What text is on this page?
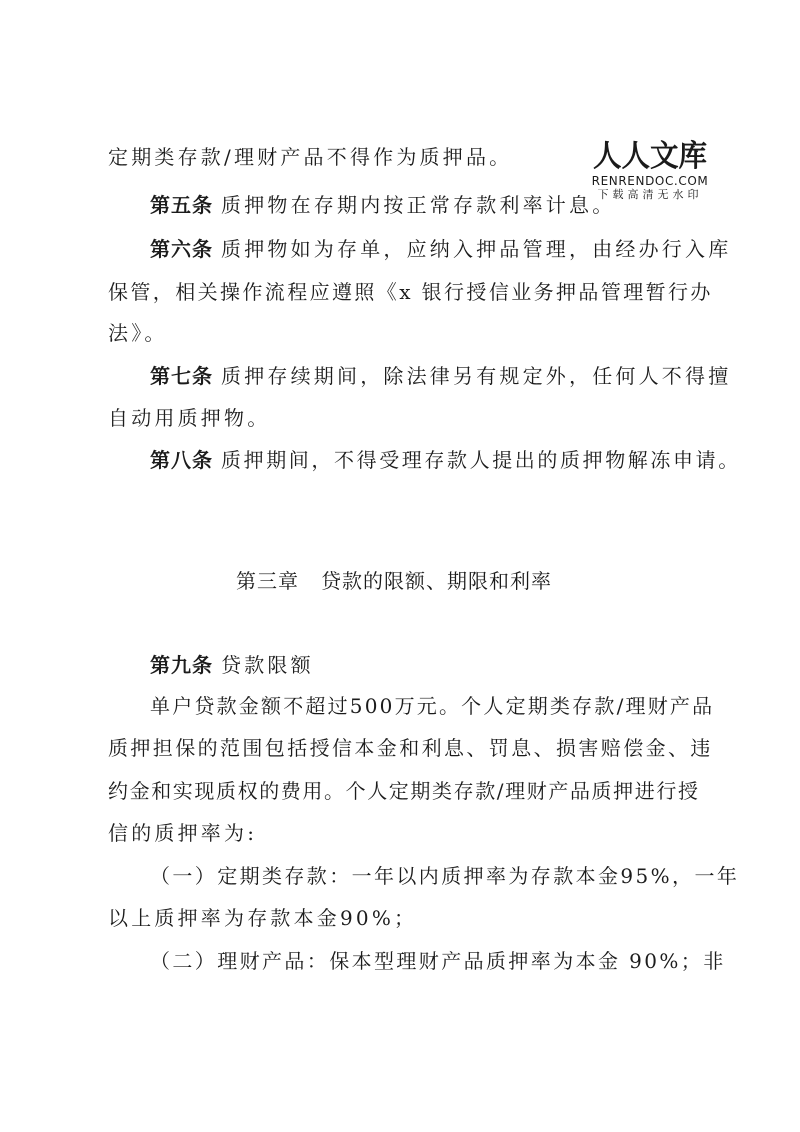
人人文库
RENRENDOC.COM
下载高清无水印
定期类存款/理财产品不得作为质押品。
第五条 质押物在存期内按正常存款利率计息。
第六条 质押物如为存单，应纳入押品管理，由经办行入库
保管，相关操作流程应遵照《x 银行授信业务押品管理暂行办
法》。
第七条 质押存续期间，除法律另有规定外，任何人不得擅
自动用质押物。
第八条 质押期间，不得受理存款人提出的质押物解冻申请。
第三章 贷款的限额、期限和利率
第九条 贷款限额
单户贷款金额不超过500万元。个人定期类存款/理财产品
质押担保的范围包括授信本金和利息、罚息、损害赔偿金、违
约金和实现质权的费用。个人定期类存款/理财产品质押进行授
信的质押率为:
（一）定期类存款：一年以内质押率为存款本金95%，一年
以上质押率为存款本金90%；
（二）理财产品：保本型理财产品质押率为本金 90%；非
